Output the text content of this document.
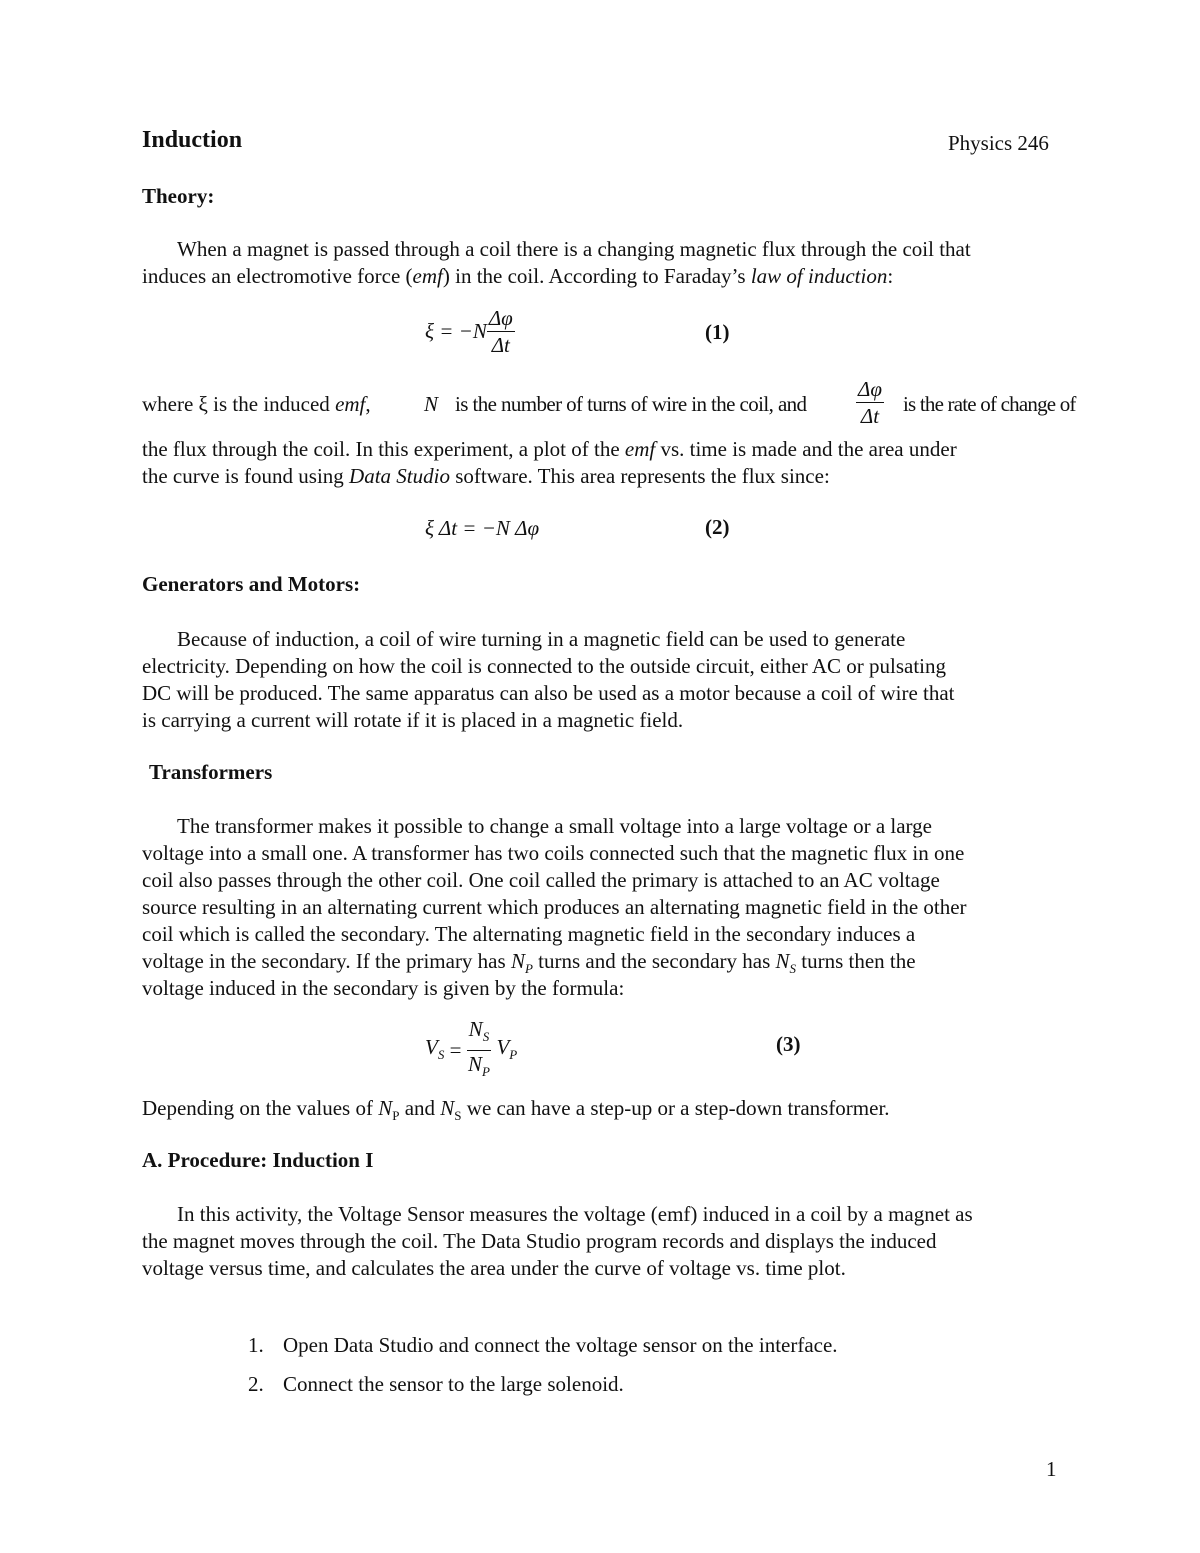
Induction	Physics 246
Theory:
When a magnet is passed through a coil there is a changing magnetic flux through the coil that
induces an electromotive force (emf) in the coil. According to Faraday’s law of induction:
$\xi = -N \frac{\Delta\varphi}{\Delta t}$	(1)
where ξ is the induced emf,	N is the number of turns of wire in the coil, and $\frac{\Delta\varphi}{\Delta t}$ is the rate of change of
the flux through the coil. In this experiment, a plot of the emf vs. time is made and the area under
the curve is found using Data Studio software. This area represents the flux since:
ξ Δt = −N Δφ	(2)
Generators and Motors:
Because of induction, a coil of wire turning in a magnetic field can be used to generate
electricity. Depending on how the coil is connected to the outside circuit, either AC or pulsating
DC will be produced. The same apparatus can also be used as a motor because a coil of wire that
is carrying a current will rotate if it is placed in a magnetic field.
Transformers
The transformer makes it possible to change a small voltage into a large voltage or a large
voltage into a small one. A transformer has two coils connected such that the magnetic flux in one
coil also passes through the other coil. One coil called the primary is attached to an AC voltage
source resulting in an alternating current which produces an alternating magnetic field in the other
coil which is called the secondary. The alternating magnetic field in the secondary induces a
voltage in the secondary. If the primary has $N_P$ turns and the secondary has $N_S$ turns then the
voltage induced in the secondary is given by the formula:
$V_S = \frac{N_S}{N_P} V_P$	(3)
Depending on the values of $N_P$ and $N_S$ we can have a step-up or a step-down transformer.
A. Procedure: Induction I
In this activity, the Voltage Sensor measures the voltage (emf) induced in a coil by a magnet as
the magnet moves through the coil. The Data Studio program records and displays the induced
voltage versus time, and calculates the area under the curve of voltage vs. time plot.
1. Open Data Studio and connect the voltage sensor on the interface.
2. Connect the sensor to the large solenoid.
1
